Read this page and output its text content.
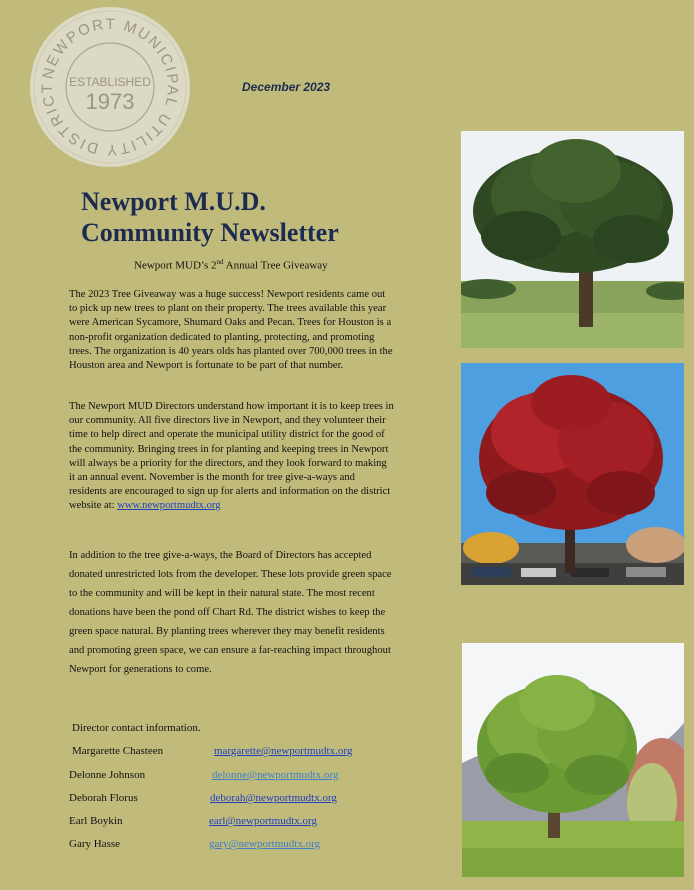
NEWPORT MUNICIPAL UTILITY DISTRICT	ESTABLISHED
1973
December 2023
Newport M.U.D.
Community Newsletter
Newport MUD’s 2nd Annual Tree Giveaway

The 2023 Tree Giveaway was a huge success! Newport residents came out to pick up new trees to plant on their property. The trees available this year were American Sycamore, Shumard Oaks and Pecan. Trees for Houston is a non-profit organization dedicated to planting, protecting, and promoting trees. The organization is 40 years olds has planted over 700,000 trees in the Houston area and Newport is fortunate to be part of that number.

The Newport MUD Directors understand how important it is to keep trees in our community. All five directors live in Newport, and they volunteer their time to help direct and operate the municipal utility district for the good of the community. Bringing trees in for planting and keeping trees in Newport will always be a priority for the directors, and they look forward to making it an annual event. November is the month for tree give-a-ways and residents are encouraged to sign up for alerts and information on the district website at: www.newportmudtx.org

In addition to the tree give-a-ways, the Board of Directors has accepted donated unrestricted lots from the developer. These lots provide green space to the community and will be kept in their natural state. The most recent donations have been the pond off Chart Rd. The district wishes to keep the green space natural. By planting trees wherever they may benefit residents and promoting green space, we can ensure a far-reaching impact throughout Newport for generations to come.

Director contact information.
Margarette Chasteen	margarette@newportmudtx.org
Delonne Johnson	delonne@newportmudtx.org
Deborah Florus	deborah@newportmudtx.org
Earl Boykin	earl@newportmudtx.org
Gary Hasse	gary@newportmudtx.org
